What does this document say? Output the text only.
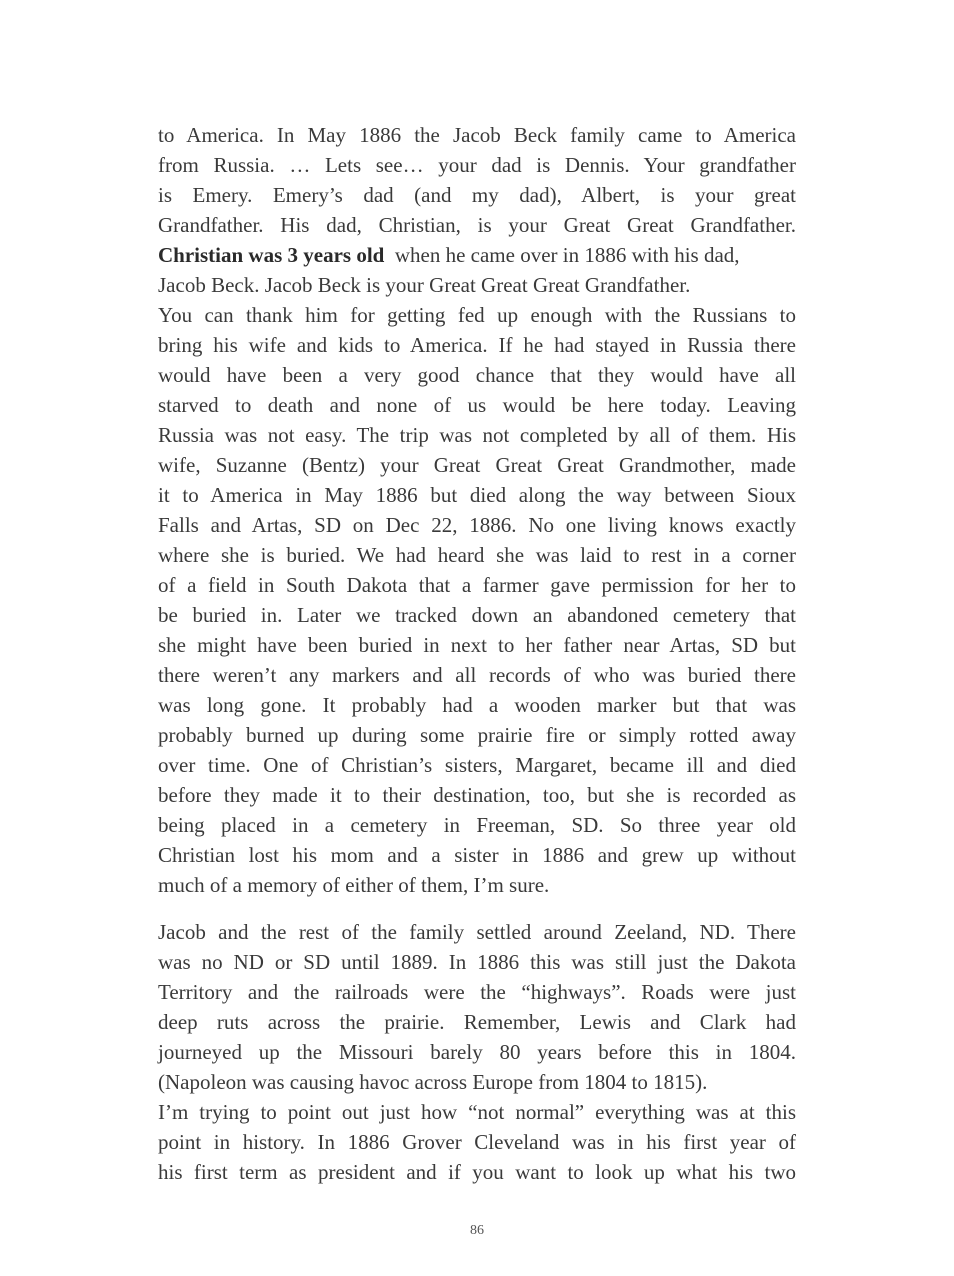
to America. In May 1886 the Jacob Beck family came to America
from Russia. … Lets see… your dad is Dennis. Your grandfather
is Emery. Emery’s dad (and my dad), Albert, is your great
Grandfather. His dad, Christian, is your Great Great Grandfather.
Christian was 3 years old when he came over in 1886 with his dad,
Jacob Beck. Jacob Beck is your Great Great Great Grandfather.
You can thank him for getting fed up enough with the Russians to
bring his wife and kids to America. If he had stayed in Russia there
would have been a very good chance that they would have all
starved to death and none of us would be here today. Leaving
Russia was not easy. The trip was not completed by all of them. His
wife, Suzanne (Bentz) your Great Great Great Grandmother, made
it to America in May 1886 but died along the way between Sioux
Falls and Artas, SD on Dec 22, 1886. No one living knows exactly
where she is buried. We had heard she was laid to rest in a corner
of a field in South Dakota that a farmer gave permission for her to
be buried in. Later we tracked down an abandoned cemetery that
she might have been buried in next to her father near Artas, SD but
there weren’t any markers and all records of who was buried there
was long gone. It probably had a wooden marker but that was
probably burned up during some prairie fire or simply rotted away
over time. One of Christian’s sisters, Margaret, became ill and died
before they made it to their destination, too, but she is recorded as
being placed in a cemetery in Freeman, SD. So three year old
Christian lost his mom and a sister in 1886 and grew up without
much of a memory of either of them, I’m sure.
Jacob and the rest of the family settled around Zeeland, ND. There
was no ND or SD until 1889. In 1886 this was still just the Dakota
Territory and the railroads were the “highways”. Roads were just
deep ruts across the prairie. Remember, Lewis and Clark had
journeyed up the Missouri barely 80 years before this in 1804.
(Napoleon was causing havoc across Europe from 1804 to 1815).
I’m trying to point out just how “not normal” everything was at this
point in history. In 1886 Grover Cleveland was in his first year of
his first term as president and if you want to look up what his two
86
